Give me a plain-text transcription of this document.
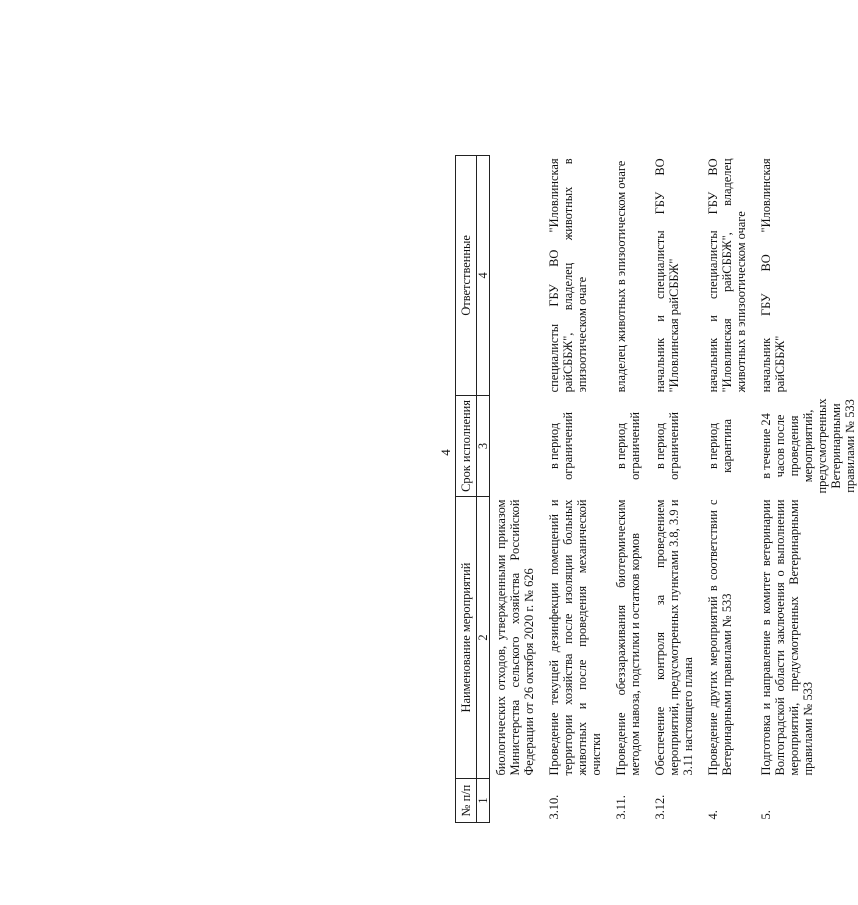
4
№ п/п	Наименование мероприятий	Срок исполнения	Ответственные
1	2	3	4
	биологических отходов, утвержденными приказом Министерства сельского хозяйства Российской Федерации от 26 октября 2020 г. № 626		
3.10.	Проведение текущей дезинфекции помещений и территории хозяйства после изоляции больных животных и после проведения механической очистки	в период ограничений	специалисты ГБУ ВО "Иловлинская райСББЖ", владелец животных в эпизоотическом очаге
3.11.	Проведение обеззараживания биотермическим методом навоза, подстилки и остатков кормов	в период ограничений	владелец животных в эпизоотическом очаге
3.12.	Обеспечение контроля за проведением мероприятий, предусмотренных пунктами 3.8, 3.9 и 3.11 настоящего плана	в период ограничений	начальник и специалисты ГБУ ВО "Иловлинская райСББЖ"
4.	Проведение других мероприятий в соответствии с Ветеринарными правилами № 533	в период карантина	начальник и специалисты ГБУ ВО "Иловлинская райСББЖ", владелец животных в эпизоотическом очаге
5.	Подготовка и направление в комитет ветеринарии Волгоградской области заключения о выполнении мероприятий, предусмотренных Ветеринарными правилами № 533	в течение 24 часов после проведения мероприятий, предусмотренных Ветеринарными правилами № 533	начальник ГБУ ВО "Иловлинская райСББЖ"
